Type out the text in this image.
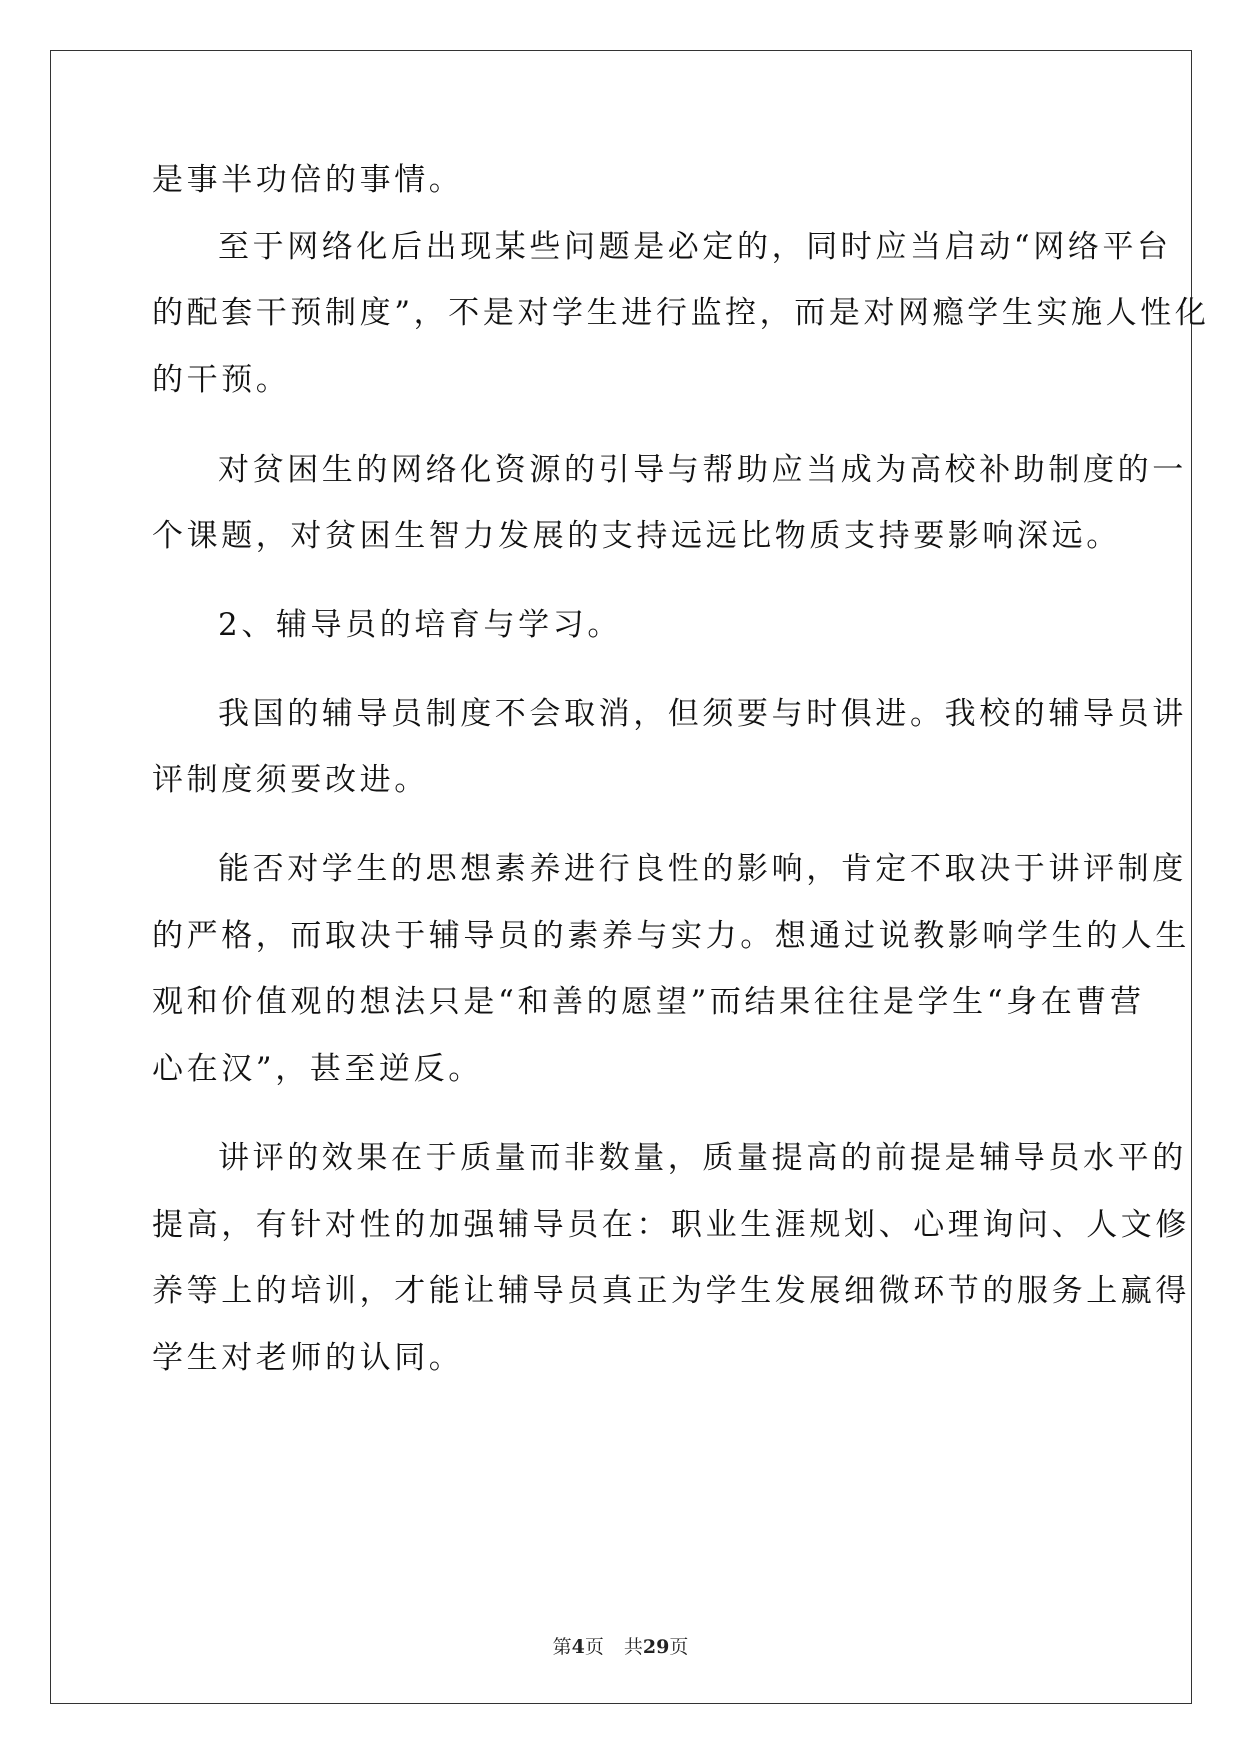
是事半功倍的事情。
至于网络化后出现某些问题是必定的，同时应当启动“网络平台
的配套干预制度”，不是对学生进行监控，而是对网瘾学生实施人性化
的干预。
对贫困生的网络化资源的引导与帮助应当成为高校补助制度的一
个课题，对贫困生智力发展的支持远远比物质支持要影响深远。
2、辅导员的培育与学习。
我国的辅导员制度不会取消，但须要与时俱进。我校的辅导员讲
评制度须要改进。
能否对学生的思想素养进行良性的影响，肯定不取决于讲评制度
的严格，而取决于辅导员的素养与实力。想通过说教影响学生的人生
观和价值观的想法只是“和善的愿望”而结果往往是学生“身在曹营
心在汉”，甚至逆反。
讲评的效果在于质量而非数量，质量提高的前提是辅导员水平的
提高，有针对性的加强辅导员在：职业生涯规划、心理询问、人文修
养等上的培训，才能让辅导员真正为学生发展细微环节的服务上赢得
学生对老师的认同。
第4页 共29页
